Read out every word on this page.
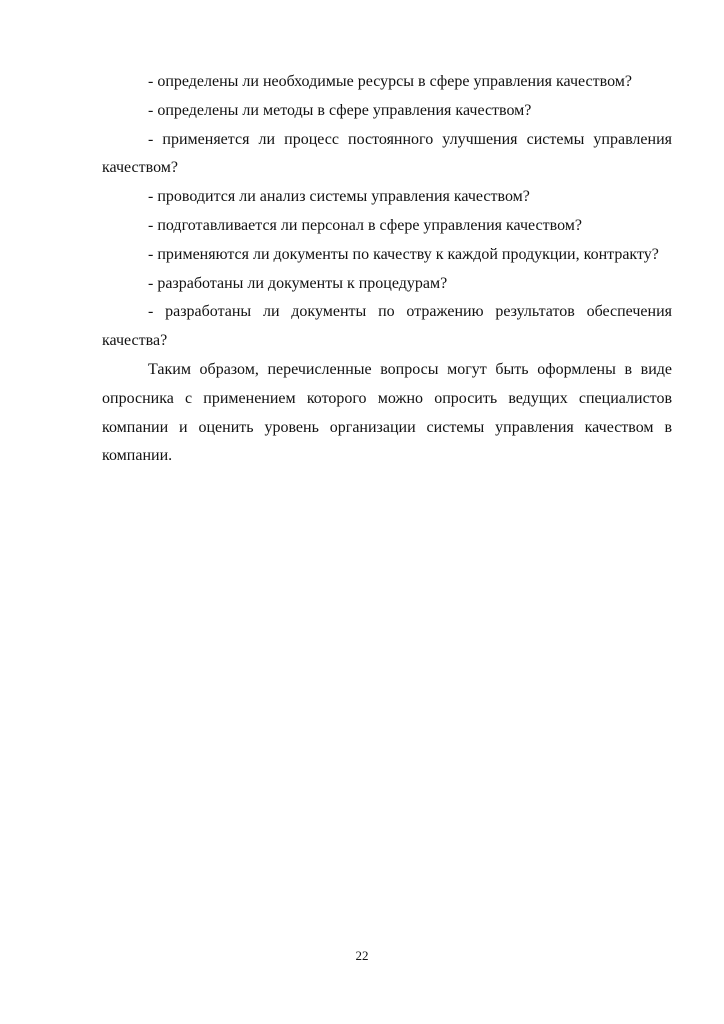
- определены ли необходимые ресурсы в сфере управления качеством?

- определены ли методы в сфере управления качеством?

- применяется ли процесс постоянного улучшения системы управления качеством?

- проводится ли анализ системы управления качеством?

- подготавливается ли персонал в сфере управления качеством?

- применяются ли документы по качеству к каждой продукции, контракту?

- разработаны ли документы к процедурам?

- разработаны ли документы по отражению результатов обеспечения качества?

Таким образом, перечисленные вопросы могут быть оформлены в виде опросника с применением которого можно опросить ведущих специалистов компании и оценить уровень организации системы управления качеством в компании.

22
